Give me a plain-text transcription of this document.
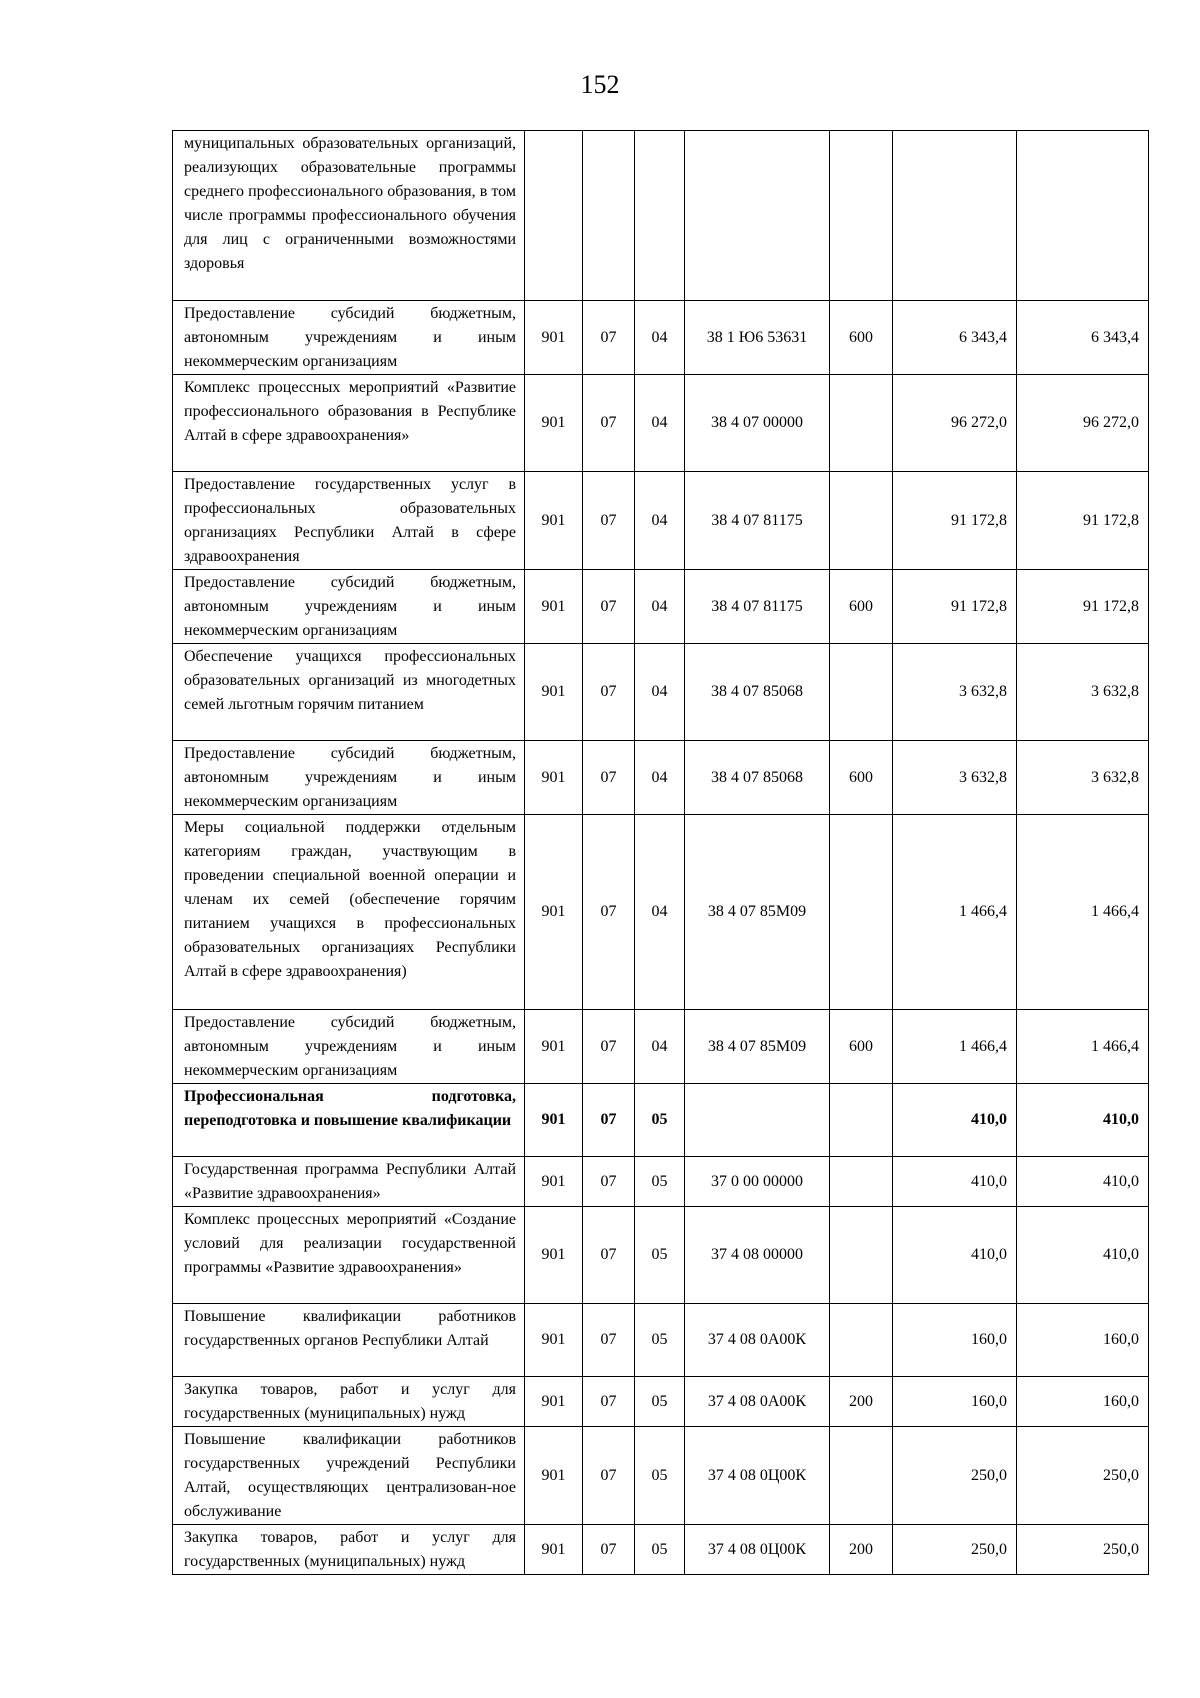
152
муниципальных образовательных организаций, реализующих образовательные программы среднего профессионального образования, в том числе программы профессионального обучения для лиц с ограниченными возможностями здоровья							
Предоставление субсидий бюджетным, автономным учреждениям и иным некоммерческим организациям	901	07	04	38 1 Ю6 53631	600	6 343,4	6 343,4
Комплекс процессных мероприятий «Развитие профессионального образования в Республике Алтай в сфере здравоохранения»	901	07	04	38 4 07 00000		96 272,0	96 272,0
Предоставление государственных услуг в профессиональных образовательных организациях Республики Алтай в сфере здравоохранения	901	07	04	38 4 07 81175		91 172,8	91 172,8
Предоставление субсидий бюджетным, автономным учреждениям и иным некоммерческим организациям	901	07	04	38 4 07 81175	600	91 172,8	91 172,8
Обеспечение учащихся профессиональных образовательных организаций из многодетных семей льготным горячим питанием	901	07	04	38 4 07 85068		3 632,8	3 632,8
Предоставление субсидий бюджетным, автономным учреждениям и иным некоммерческим организациям	901	07	04	38 4 07 85068	600	3 632,8	3 632,8
Меры социальной поддержки отдельным категориям граждан, участвующим в проведении специальной военной операции и членам их семей (обеспечение горячим питанием учащихся в профессиональных образовательных организациях Республики Алтай в сфере здравоохранения)	901	07	04	38 4 07 85М09		1 466,4	1 466,4
Предоставление субсидий бюджетным, автономным учреждениям и иным некоммерческим организациям	901	07	04	38 4 07 85М09	600	1 466,4	1 466,4
Профессиональная подготовка, переподготовка и повышение квалификации	901	07	05			410,0	410,0
Государственная программа Республики Алтай «Развитие здравоохранения»	901	07	05	37 0 00 00000		410,0	410,0
Комплекс процессных мероприятий «Создание условий для реализации государственной программы «Развитие здравоохранения»	901	07	05	37 4 08 00000		410,0	410,0
Повышение квалификации работников государственных органов Республики Алтай	901	07	05	37 4 08 0А00К		160,0	160,0
Закупка товаров, работ и услуг для государственных (муниципальных) нужд	901	07	05	37 4 08 0А00К	200	160,0	160,0
Повышение квалификации работников государственных учреждений Республики Алтай, осуществляющих централизован-ное обслуживание	901	07	05	37 4 08 0Ц00К		250,0	250,0
Закупка товаров, работ и услуг для государственных (муниципальных) нужд	901	07	05	37 4 08 0Ц00К	200	250,0	250,0
